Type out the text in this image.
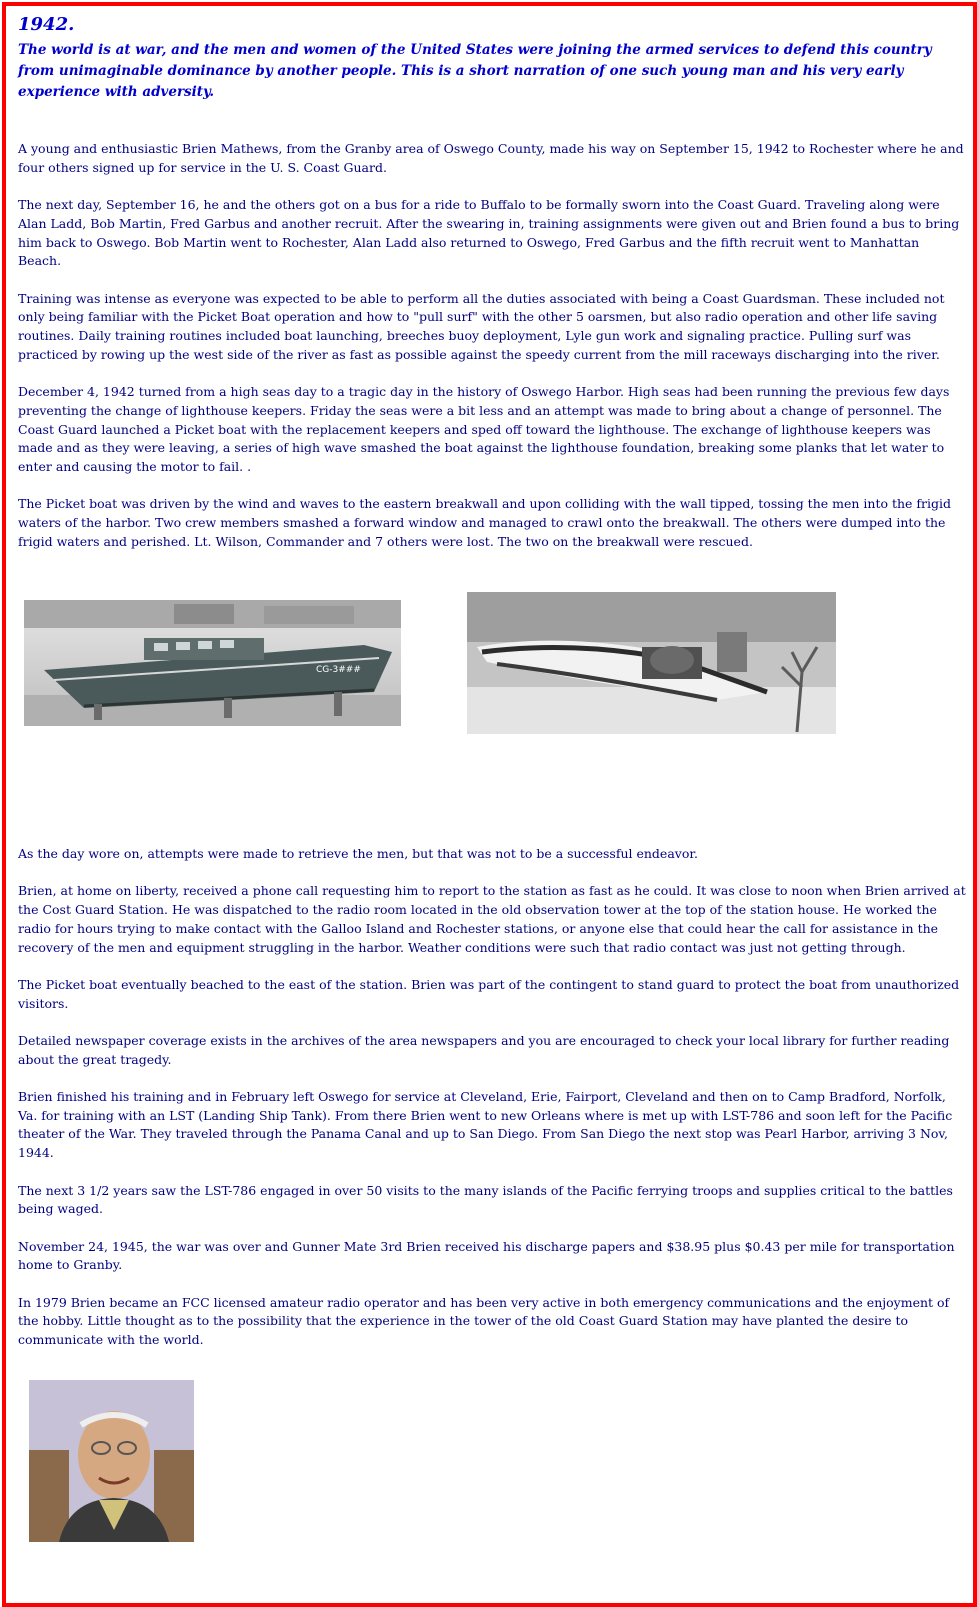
1942.

The world is at war, and the men and women of the United States were joining the armed services to defend this country from unimaginable dominance by another people. This is a short narration of one such young man and his very early experience with adversity.

A young and enthusiastic Brien Mathews, from the Granby area of Oswego County, made his way on September 15, 1942 to Rochester where he and four others signed up for service in the U. S. Coast Guard.

The next day, September 16, he and the others got on a bus for a ride to Buffalo to be formally sworn into the Coast Guard. Traveling along were Alan Ladd, Bob Martin, Fred Garbus and another recruit. After the swearing in, training assignments were given out and Brien found a bus to bring him back to Oswego. Bob Martin went to Rochester, Alan Ladd also returned to Oswego, Fred Garbus and the fifth recruit went to Manhattan Beach.

Training was intense as everyone was expected to be able to perform all the duties associated with being a Coast Guardsman. These included not only being familiar with the Picket Boat operation and how to "pull surf" with the other 5 oarsmen, but also radio operation and other life saving routines. Daily training routines included boat launching, breeches buoy deployment, Lyle gun work and signaling practice. Pulling surf was practiced by rowing up the west side of the river as fast as possible against the speedy current from the mill raceways discharging into the river.

December 4, 1942 turned from a high seas day to a tragic day in the history of Oswego Harbor. High seas had been running the previous few days preventing the change of lighthouse keepers. Friday the seas were a bit less and an attempt was made to bring about a change of personnel. The Coast Guard launched a Picket boat with the replacement keepers and sped off toward the lighthouse. The exchange of lighthouse keepers was made and as they were leaving, a series of high wave smashed the boat against the lighthouse foundation, breaking some planks that let water to enter and causing the motor to fail. .

The Picket boat was driven by the wind and waves to the eastern breakwall and upon colliding with the wall tipped, tossing the men into the frigid waters of the harbor. Two crew members smashed a forward window and managed to crawl onto the breakwall. The others were dumped into the frigid waters and perished. Lt. Wilson, Commander and 7 others were lost. The two on the breakwall were rescued.

CG-3###

As the day wore on, attempts were made to retrieve the men, but that was not to be a successful endeavor.

Brien, at home on liberty, received a phone call requesting him to report to the station as fast as he could. It was close to noon when Brien arrived at the Cost Guard Station. He was dispatched to the radio room located in the old observation tower at the top of the station house. He worked the radio for hours trying to make contact with the Galloo Island and Rochester stations, or anyone else that could hear the call for assistance in the recovery of the men and equipment struggling in the harbor. Weather conditions were such that radio contact was just not getting through.

The Picket boat eventually beached to the east of the station. Brien was part of the contingent to stand guard to protect the boat from unauthorized visitors.

Detailed newspaper coverage exists in the archives of the area newspapers and you are encouraged to check your local library for further reading about the great tragedy.

Brien finished his training and in February left Oswego for service at Cleveland, Erie, Fairport, Cleveland and then on to Camp Bradford, Norfolk, Va. for training with an LST (Landing Ship Tank). From there Brien went to new Orleans where is met up with LST-786 and soon left for the Pacific theater of the War. They traveled through the Panama Canal and up to San Diego. From San Diego the next stop was Pearl Harbor, arriving 3 Nov, 1944.

The next 3 1/2 years saw the LST-786 engaged in over 50 visits to the many islands of the Pacific ferrying troops and supplies critical to the battles being waged.

November 24, 1945, the war was over and Gunner Mate 3rd Brien received his discharge papers and $38.95 plus $0.43 per mile for transportation home to Granby.

In 1979 Brien became an FCC licensed amateur radio operator and has been very active in both emergency communications and the enjoyment of the hobby. Little thought as to the possibility that the experience in the tower of the old Coast Guard Station may have planted the desire to communicate with the world.
